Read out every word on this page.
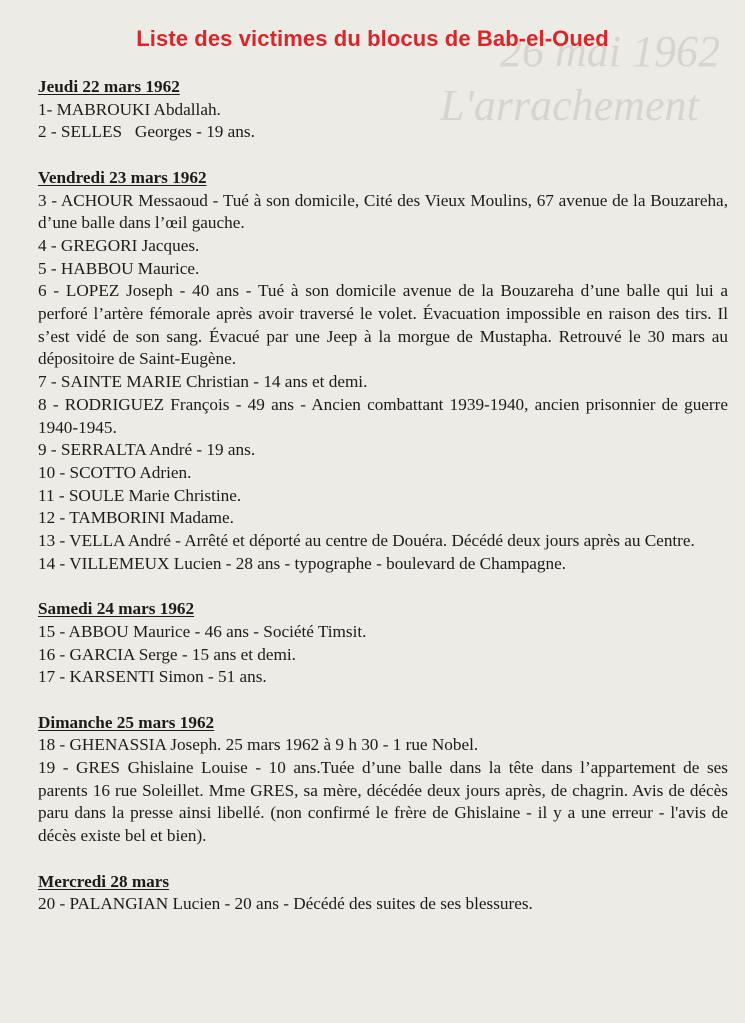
26 mai 1962
L'arrachement
Liste des victimes du blocus de Bab-el-Oued
Jeudi 22 mars 1962
1- MABROUKI Abdallah.
2 - SELLES   Georges - 19 ans.
Vendredi 23 mars 1962
3 - ACHOUR Messaoud - Tué à son domicile, Cité des Vieux Moulins, 67 avenue de la Bouzareha, d’une balle dans l’œil gauche.
4 - GREGORI Jacques.
5 - HABBOU Maurice.
6 - LOPEZ Joseph - 40 ans - Tué à son domicile avenue de la Bouzareha d’une balle qui lui a perforé l’artère fémorale après avoir traversé le volet. Évacuation impossible en raison des tirs. Il s’est vidé de son sang. Évacué par une Jeep à la morgue de Mustapha. Retrouvé le 30 mars au dépositoire de Saint-Eugène.
7 - SAINTE MARIE Christian - 14 ans et demi.
8 - RODRIGUEZ François - 49 ans - Ancien combattant 1939-1940, ancien prisonnier de guerre 1940-1945.
9 - SERRALTA André - 19 ans.
10 - SCOTTO Adrien.
11 - SOULE Marie Christine.
12 - TAMBORINI Madame.
13 - VELLA André - Arrêté et déporté au centre de Douéra. Décédé deux jours après au Centre.
14 - VILLEMEUX Lucien - 28 ans - typographe - boulevard de Champagne.
Samedi 24 mars 1962
15 - ABBOU Maurice - 46 ans - Société Timsit.
16 - GARCIA Serge - 15 ans et demi.
17 - KARSENTI Simon - 51 ans.
Dimanche 25 mars 1962
18 - GHENASSIA Joseph. 25 mars 1962 à 9 h 30 - 1 rue Nobel.
19 - GRES Ghislaine Louise - 10 ans.Tuée d’une balle dans la tête dans l’appartement de ses parents 16 rue Soleillet. Mme GRES, sa mère, décédée deux jours après, de chagrin. Avis de décès paru dans la presse ainsi libellé. (non confirmé le frère de Ghislaine - il y a une erreur - l'avis de décès existe bel et bien).
Mercredi 28 mars
20 - PALANGIAN Lucien - 20 ans - Décédé des suites de ses blessures.
